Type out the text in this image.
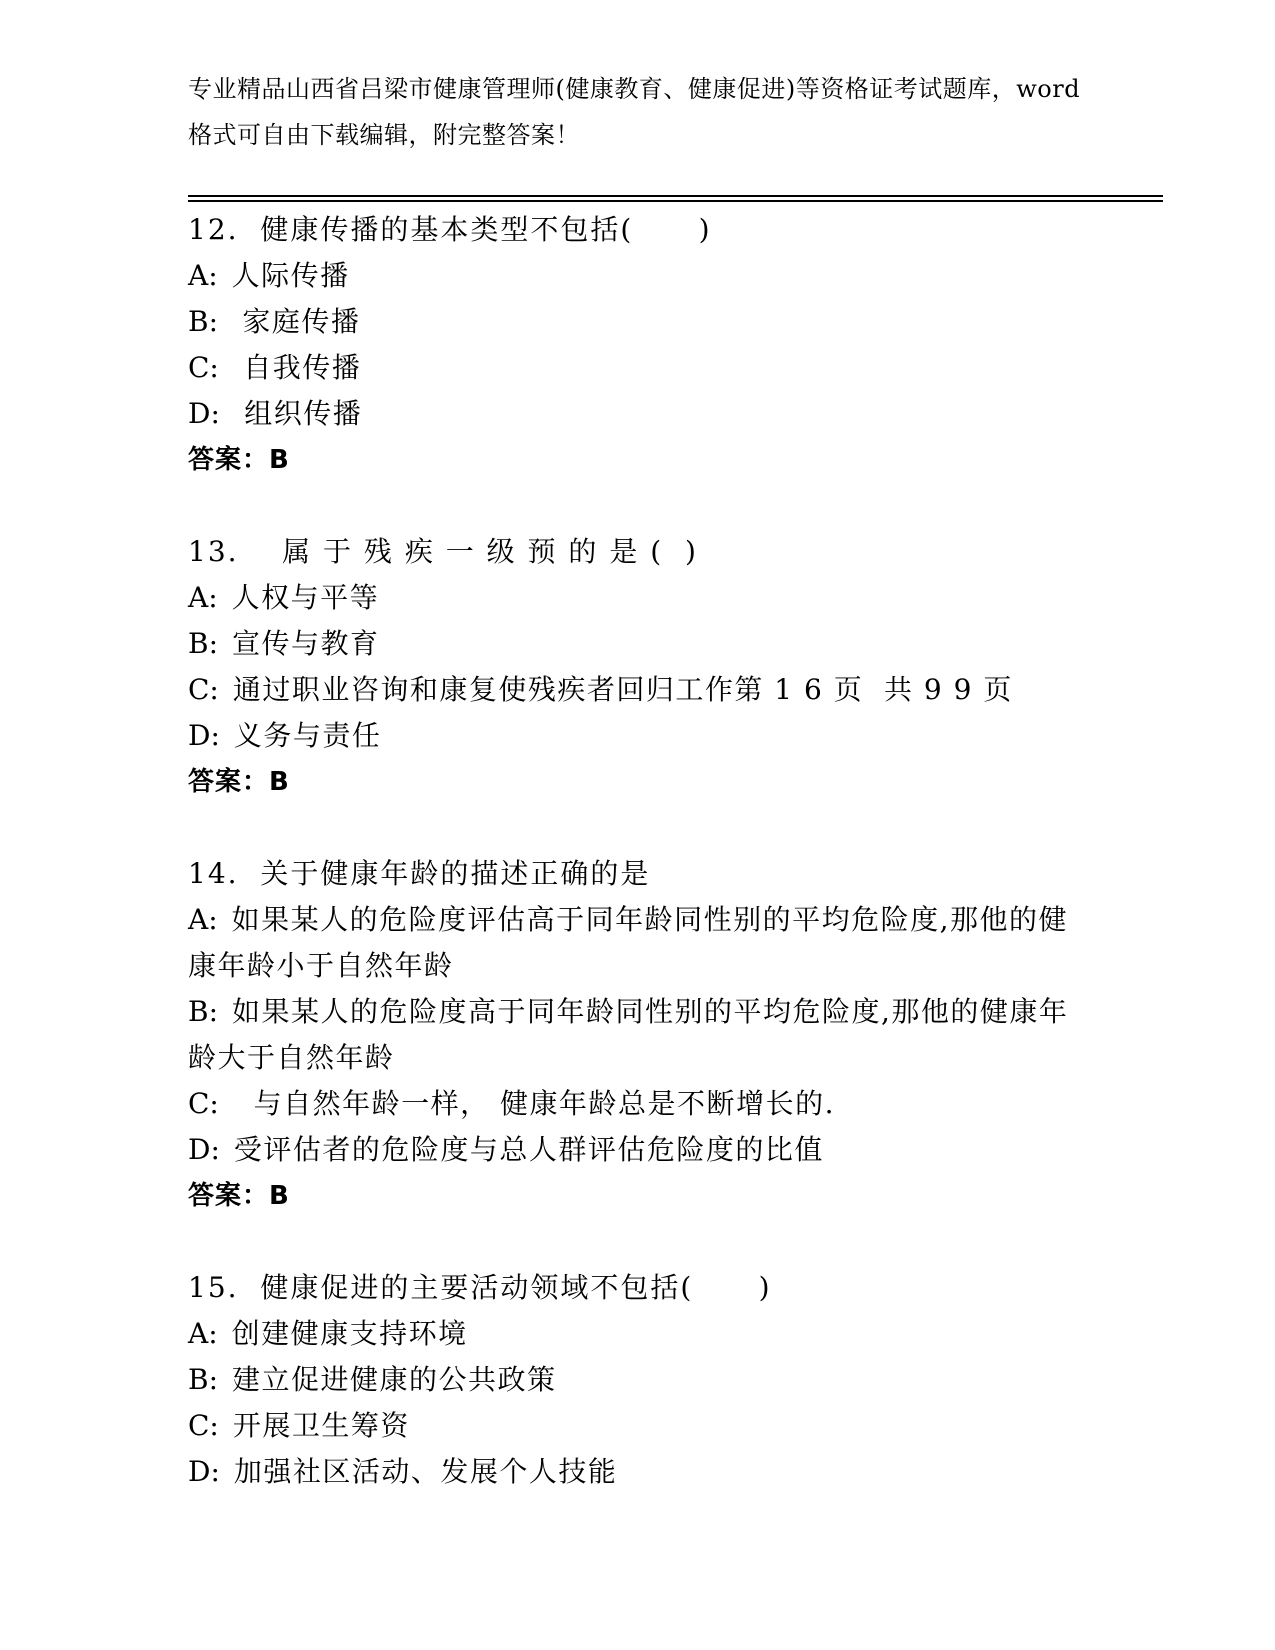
专业精品山西省吕梁市健康管理师(健康教育、健康促进)等资格证考试题库，word
格式可自由下载编辑，附完整答案！
12.  健康传播的基本类型不包括(      )
A: 人际传播
B: 家庭传播
C: 自我传播
D: 组织传播
答案：B
13.    属 于 残 疾 一 级 预 的 是 (  )
A: 人权与平等
B: 宣传与教育
C: 通过职业咨询和康复使残疾者回归工作第 1 6 页  共 9 9 页
D: 义务与责任
答案：B
14.  关于健康年龄的描述正确的是
A: 如果某人的危险度评估高于同年龄同性别的平均危险度,那他的健
康年龄小于自然年龄
B: 如果某人的危险度高于同年龄同性别的平均危险度,那他的健康年
龄大于自然年龄
C:  与自然年龄一样， 健康年龄总是不断增长的.
D: 受评估者的危险度与总人群评估危险度的比值
答案：B
15.  健康促进的主要活动领域不包括(      )
A: 创建健康支持环境
B: 建立促进健康的公共政策
C: 开展卫生筹资
D: 加强社区活动、发展个人技能
